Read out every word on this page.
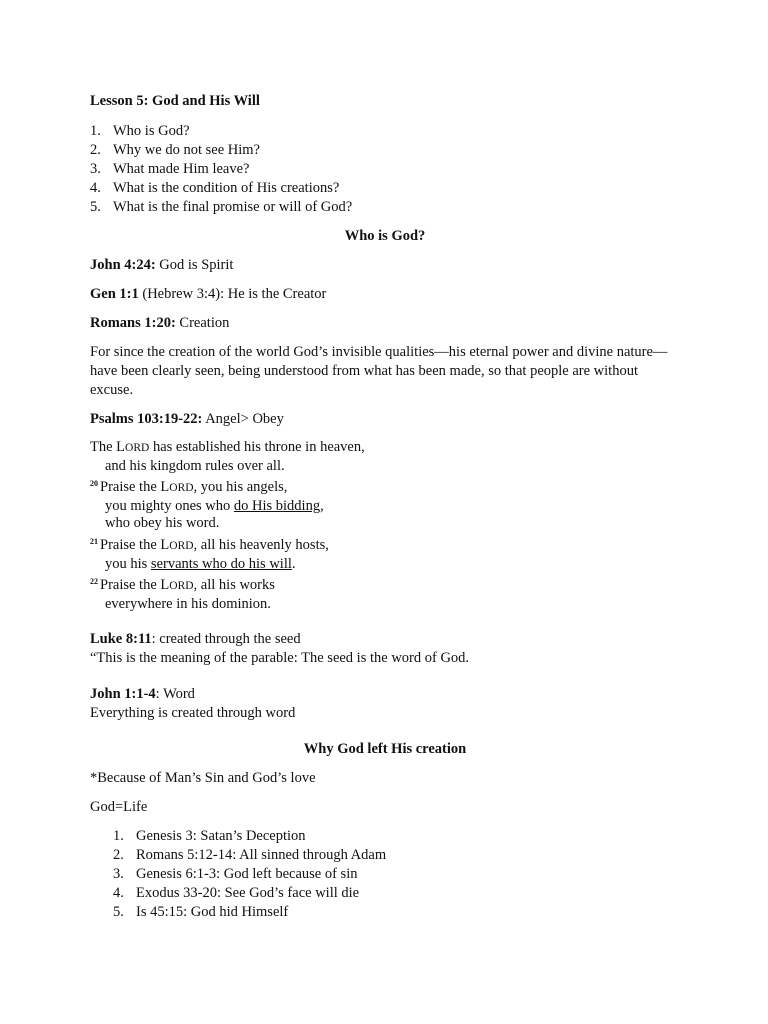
Lesson 5: God and His Will

1. Who is God?
2. Why we do not see Him?
3. What made Him leave?
4. What is the condition of His creations?
5. What is the final promise or will of God?

Who is God?

John 4:24: God is Spirit

Gen 1:1 (Hebrew 3:4): He is the Creator

Romans 1:20: Creation

For since the creation of the world God’s invisible qualities—his eternal power and divine nature—have been clearly seen, being understood from what has been made, so that people are without excuse.

Psalms 103:19-22: Angel> Obey

The LORD has established his throne in heaven,
and his kingdom rules over all.
$^{20}$ Praise the LORD, you his angels,
you mighty ones who do His bidding,
who obey his word.
$^{21}$ Praise the LORD, all his heavenly hosts,
you his servants who do his will.
$^{22}$ Praise the LORD, all his works
everywhere in his dominion.

Luke 8:11: created through the seed

“This is the meaning of the parable: The seed is the word of God.

John 1:1-4: Word

Everything is created through word

Why God left His creation

*Because of Man’s Sin and God’s love

God=Life

1. Genesis 3: Satan’s Deception
2. Romans 5:12-14: All sinned through Adam
3. Genesis 6:1-3: God left because of sin
4. Exodus 33-20: See God’s face will die
5. Is 45:15: God hid Himself
